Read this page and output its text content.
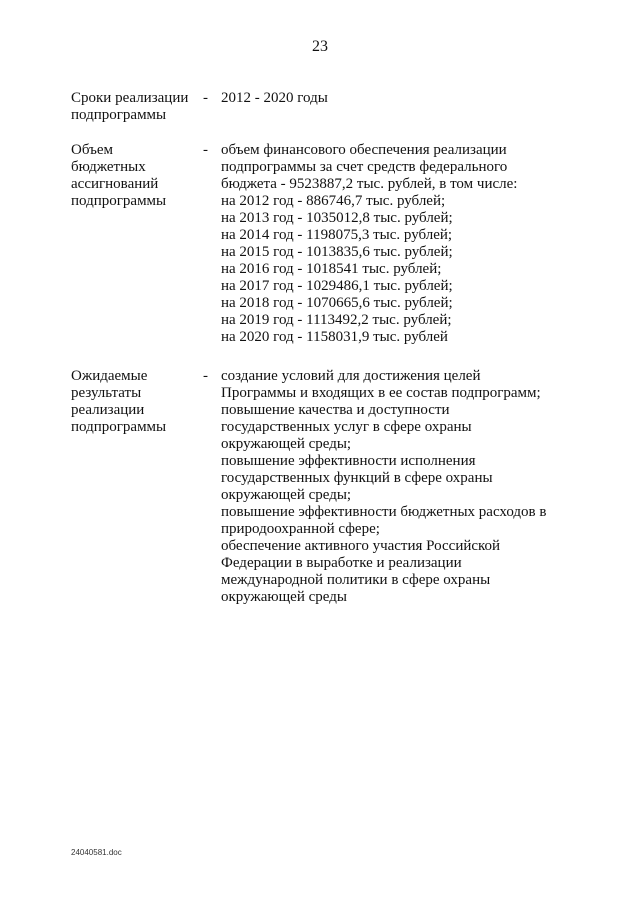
23
Сроки реализации
подпрограммы
- 2012 - 2020 годы
Объем
бюджетных
ассигнований
подпрограммы
- объем финансового обеспечения реализации
подпрограммы за счет средств федерального
бюджета - 9523887,2 тыс. рублей, в том числе:
на 2012 год - 886746,7 тыс. рублей;
на 2013 год - 1035012,8 тыс. рублей;
на 2014 год - 1198075,3 тыс. рублей;
на 2015 год - 1013835,6 тыс. рублей;
на 2016 год - 1018541 тыс. рублей;
на 2017 год - 1029486,1 тыс. рублей;
на 2018 год - 1070665,6 тыс. рублей;
на 2019 год - 1113492,2 тыс. рублей;
на 2020 год - 1158031,9 тыс. рублей
Ожидаемые
результаты
реализации
подпрограммы
- создание условий для достижения целей
Программы и входящих в ее состав подпрограмм;
повышение качества и доступности
государственных услуг в сфере охраны
окружающей среды;
повышение эффективности исполнения
государственных функций в сфере охраны
окружающей среды;
повышение эффективности бюджетных расходов в
природоохранной сфере;
обеспечение активного участия Российской
Федерации в выработке и реализации
международной политики в сфере охраны
окружающей среды
24040581.doc
